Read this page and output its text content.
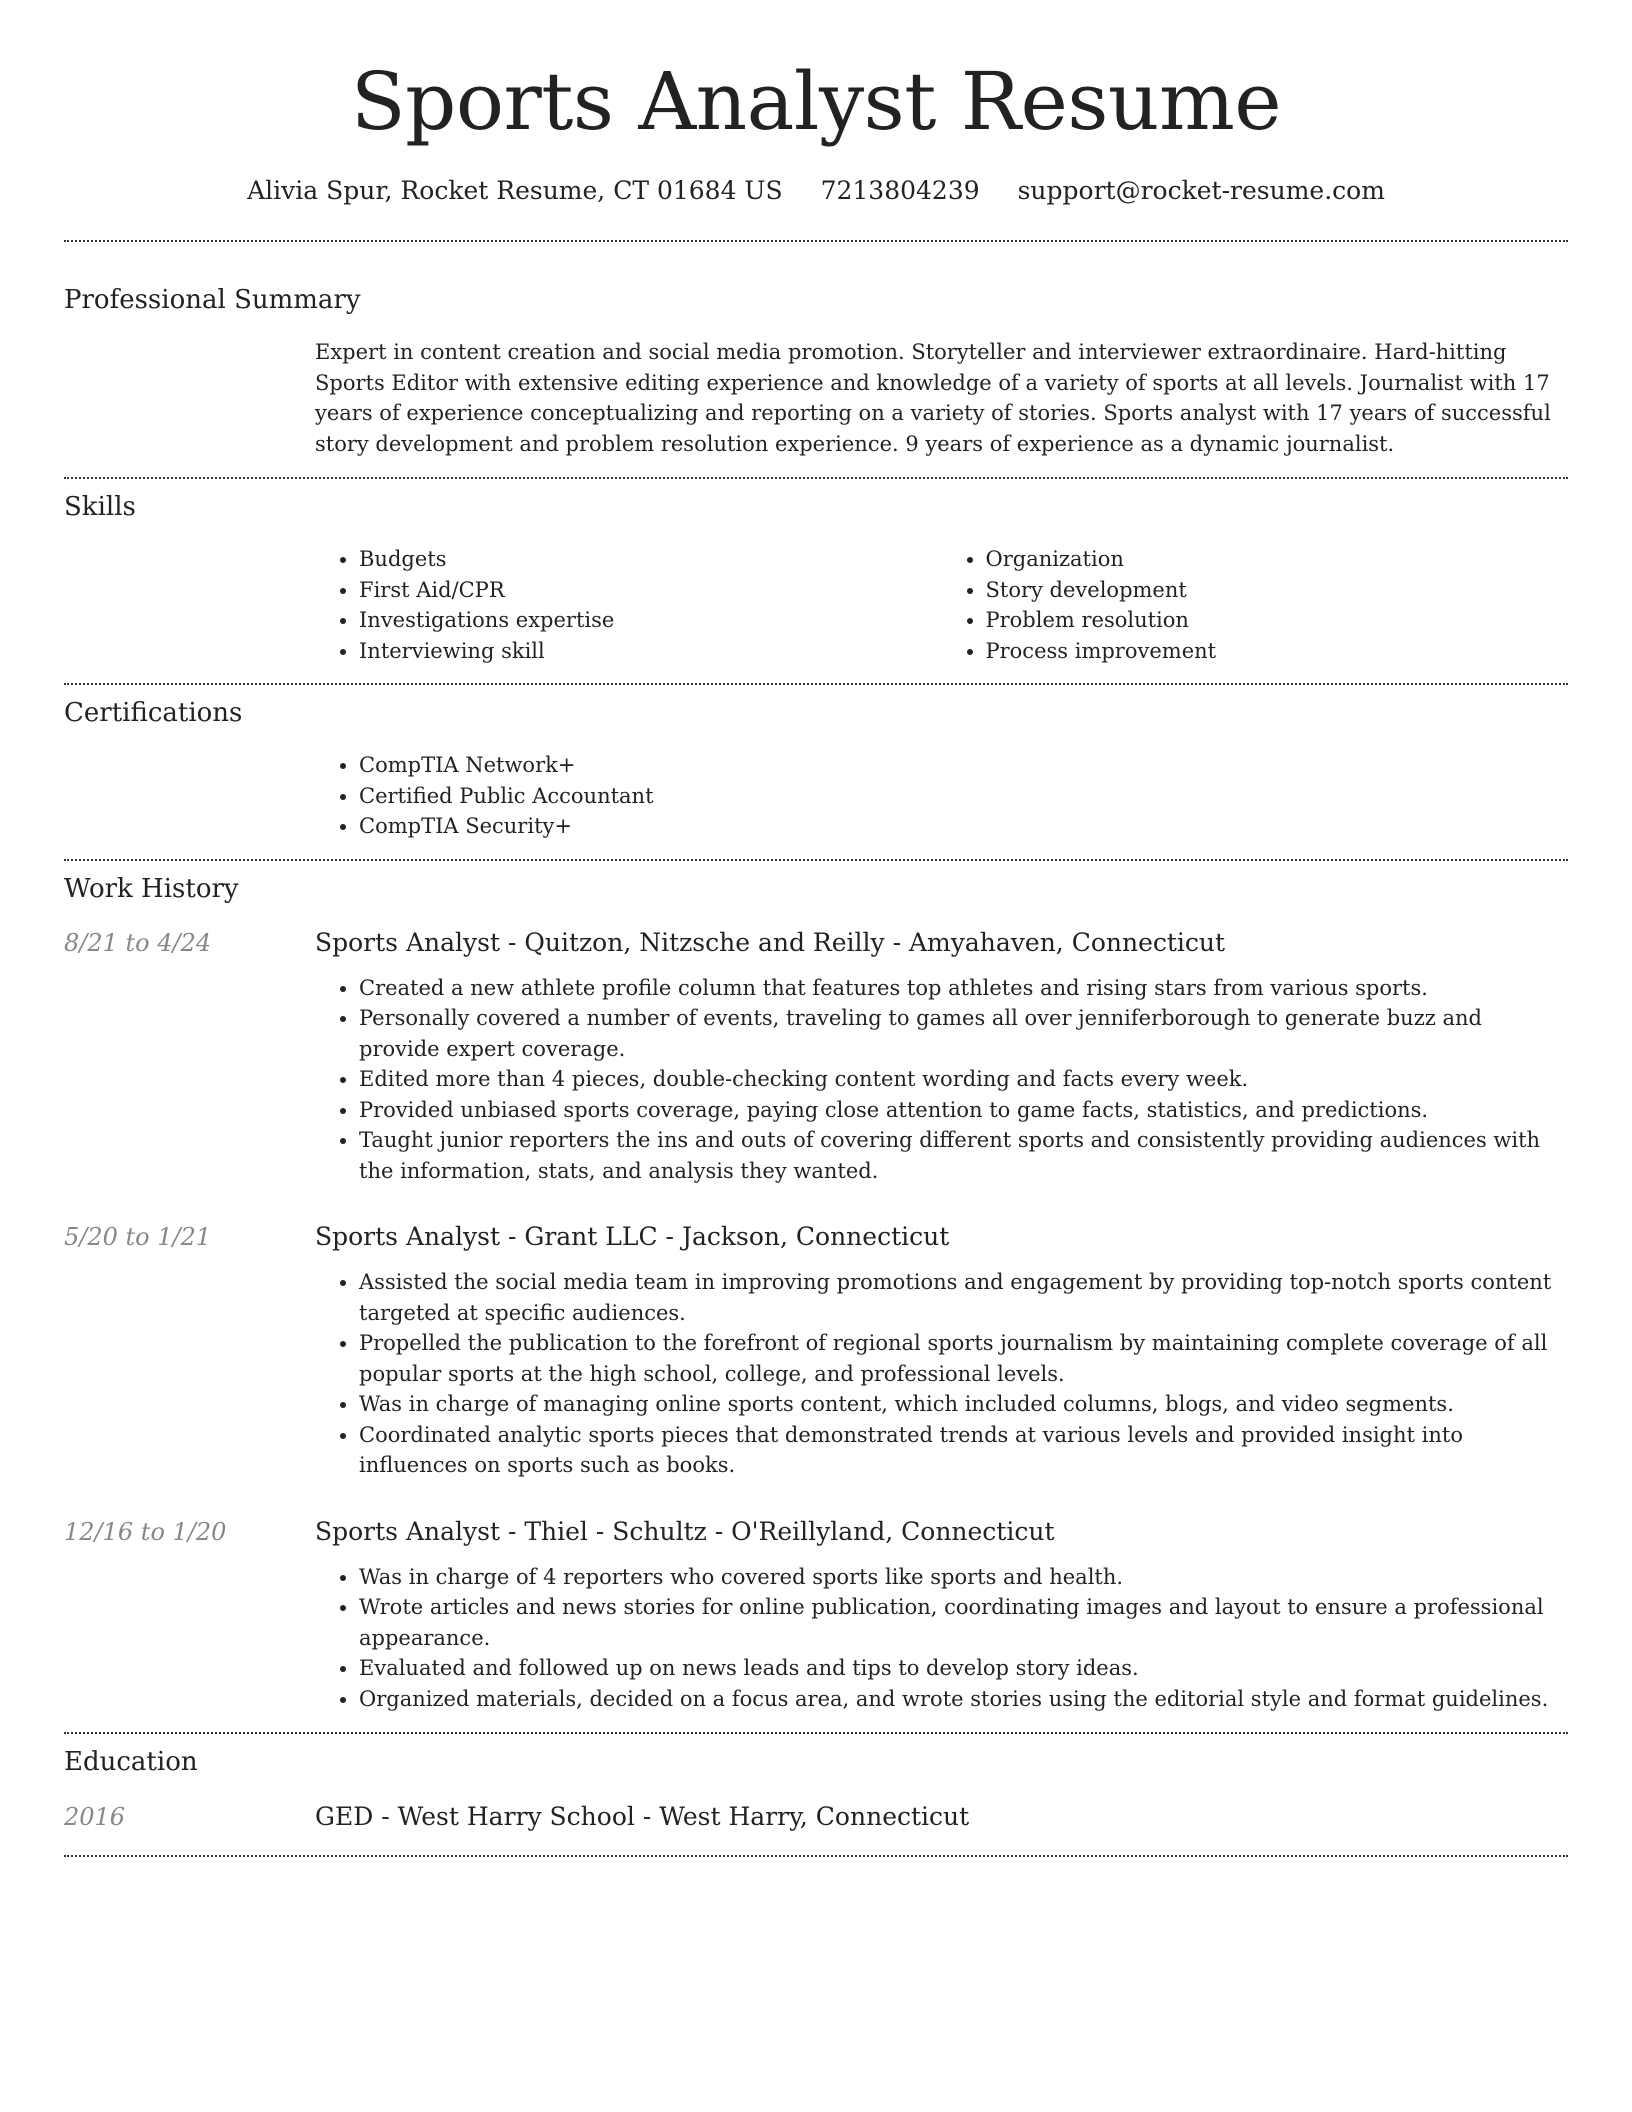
Sports Analyst Resume
Alivia Spur, Rocket Resume, CT 01684 US 7213804239 support@rocket-resume.com
Professional Summary

Expert in content creation and social media promotion. Storyteller and interviewer extraordinaire. Hard-hitting Sports Editor with extensive editing experience and knowledge of a variety of sports at all levels. Journalist with 17 years of experience conceptualizing and reporting on a variety of stories. Sports analyst with 17 years of successful story development and problem resolution experience. 9 years of experience as a dynamic journalist.

Skills
• Budgets
• First Aid/CPR
• Investigations expertise
• Interviewing skill
• Organization
• Story development
• Problem resolution
• Process improvement
Certifications
• CompTIA Network+
• Certified Public Accountant
• CompTIA Security+
Work History
8/21 to 4/24	Sports Analyst - Quitzon, Nitzsche and Reilly - Amyahaven, Connecticut
• Created a new athlete profile column that features top athletes and rising stars from various sports.
• Personally covered a number of events, traveling to games all over jenniferborough to generate buzz and provide expert coverage.
• Edited more than 4 pieces, double-checking content wording and facts every week.
• Provided unbiased sports coverage, paying close attention to game facts, statistics, and predictions.
• Taught junior reporters the ins and outs of covering different sports and consistently providing audiences with the information, stats, and analysis they wanted.
5/20 to 1/21	Sports Analyst - Grant LLC - Jackson, Connecticut
• Assisted the social media team in improving promotions and engagement by providing top-notch sports content targeted at specific audiences.
• Propelled the publication to the forefront of regional sports journalism by maintaining complete coverage of all popular sports at the high school, college, and professional levels.
• Was in charge of managing online sports content, which included columns, blogs, and video segments.
• Coordinated analytic sports pieces that demonstrated trends at various levels and provided insight into influences on sports such as books.
12/16 to 1/20	Sports Analyst - Thiel - Schultz - O'Reillyland, Connecticut
• Was in charge of 4 reporters who covered sports like sports and health.
• Wrote articles and news stories for online publication, coordinating images and layout to ensure a professional appearance.
• Evaluated and followed up on news leads and tips to develop story ideas.
• Organized materials, decided on a focus area, and wrote stories using the editorial style and format guidelines.
Education
2016	GED - West Harry School - West Harry, Connecticut
